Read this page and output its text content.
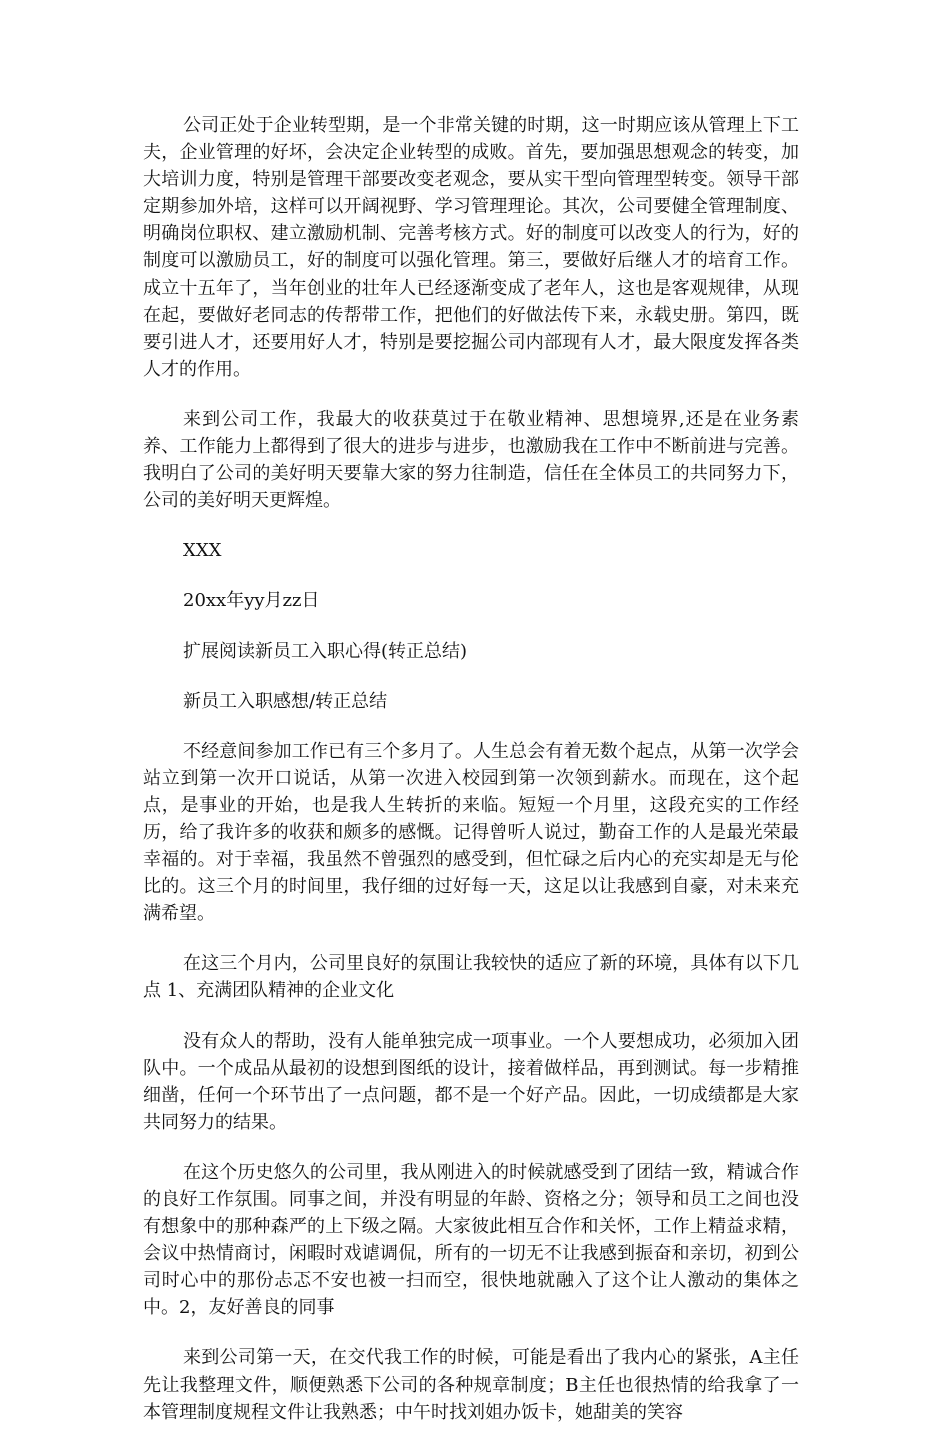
公司正处于企业转型期，是一个非常关键的时期，这一时期应该从管理上下工夫，企业管理的好坏，会决定企业转型的成败。首先，要加强思想观念的转变，加大培训力度，特别是管理干部要改变老观念，要从实干型向管理型转变。领导干部定期参加外培，这样可以开阔视野、学习管理理论。其次，公司要健全管理制度、明确岗位职权、建立激励机制、完善考核方式。好的制度可以改变人的行为，好的制度可以激励员工，好的制度可以强化管理。第三，要做好后继人才的培育工作。成立十五年了，当年创业的壮年人已经逐渐变成了老年人，这也是客观规律，从现在起，要做好老同志的传帮带工作，把他们的好做法传下来，永载史册。第四，既要引进人才，还要用好人才，特别是要挖掘公司内部现有人才，最大限度发挥各类人才的作用。

来到公司工作，我最大的收获莫过于在敬业精神、思想境界,还是在业务素养、工作能力上都得到了很大的进步与进步，也激励我在工作中不断前进与完善。我明白了公司的美好明天要靠大家的努力往制造，信任在全体员工的共同努力下，公司的美好明天更辉煌。

XXX

20xx年yy月zz日

扩展阅读新员工入职心得(转正总结)

新员工入职感想/转正总结

不经意间参加工作已有三个多月了。人生总会有着无数个起点，从第一次学会站立到第一次开口说话，从第一次进入校园到第一次领到薪水。而现在，这个起点，是事业的开始，也是我人生转折的来临。短短一个月里，这段充实的工作经历，给了我许多的收获和颇多的感慨。记得曾听人说过，勤奋工作的人是最光荣最幸福的。对于幸福，我虽然不曾强烈的感受到，但忙碌之后内心的充实却是无与伦比的。这三个月的时间里，我仔细的过好每一天，这足以让我感到自豪，对未来充满希望。

在这三个月内，公司里良好的氛围让我较快的适应了新的环境，具体有以下几点 1、充满团队精神的企业文化

没有众人的帮助，没有人能单独完成一项事业。一个人要想成功，必须加入团队中。一个成品从最初的设想到图纸的设计，接着做样品，再到测试。每一步精推细凿，任何一个环节出了一点问题，都不是一个好产品。因此，一切成绩都是大家共同努力的结果。

在这个历史悠久的公司里，我从刚进入的时候就感受到了团结一致，精诚合作的良好工作氛围。同事之间，并没有明显的年龄、资格之分；领导和员工之间也没有想象中的那种森严的上下级之隔。大家彼此相互合作和关怀，工作上精益求精，会议中热情商讨，闲暇时戏谑调侃，所有的一切无不让我感到振奋和亲切，初到公司时心中的那份忐忑不安也被一扫而空，很快地就融入了这个让人激动的集体之中。2，友好善良的同事

来到公司第一天，在交代我工作的时候，可能是看出了我内心的紧张，A主任先让我整理文件，顺便熟悉下公司的各种规章制度；B主任也很热情的给我拿了一本管理制度规程文件让我熟悉；中午时找刘姐办饭卡，她甜美的笑容
